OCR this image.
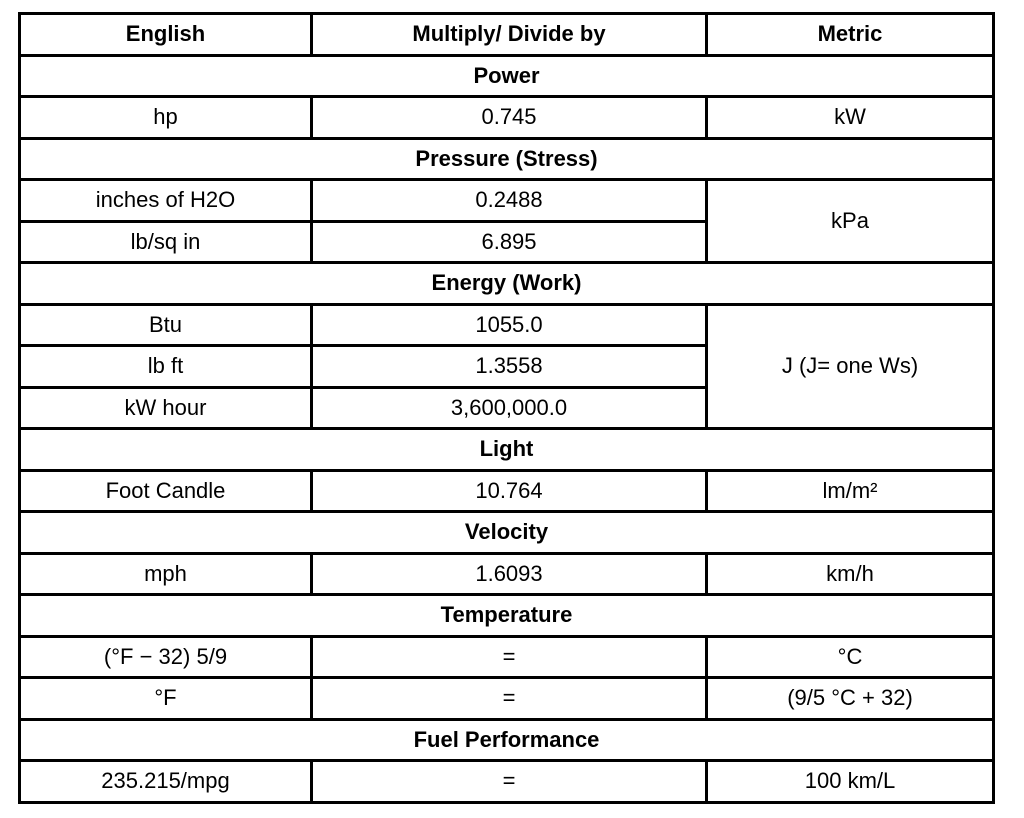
English	Multiply/ Divide by	Metric
Power		
hp	0.745	kW
Pressure (Stress)		
inches of H2O	0.2488	kPa
lb/sq in	6.895	
Energy (Work)		
Btu	1055.0	J (J= one Ws)
lb ft	1.3558	
kW hour	3,600,000.0	
Light		
Foot Candle	10.764	lm/m²
Velocity		
mph	1.6093	km/h
Temperature		
(°F − 32) 5/9	=	°C
°F	=	(9/5 °C + 32)
Fuel Performance		
235.215/mpg	=	100 km/L
